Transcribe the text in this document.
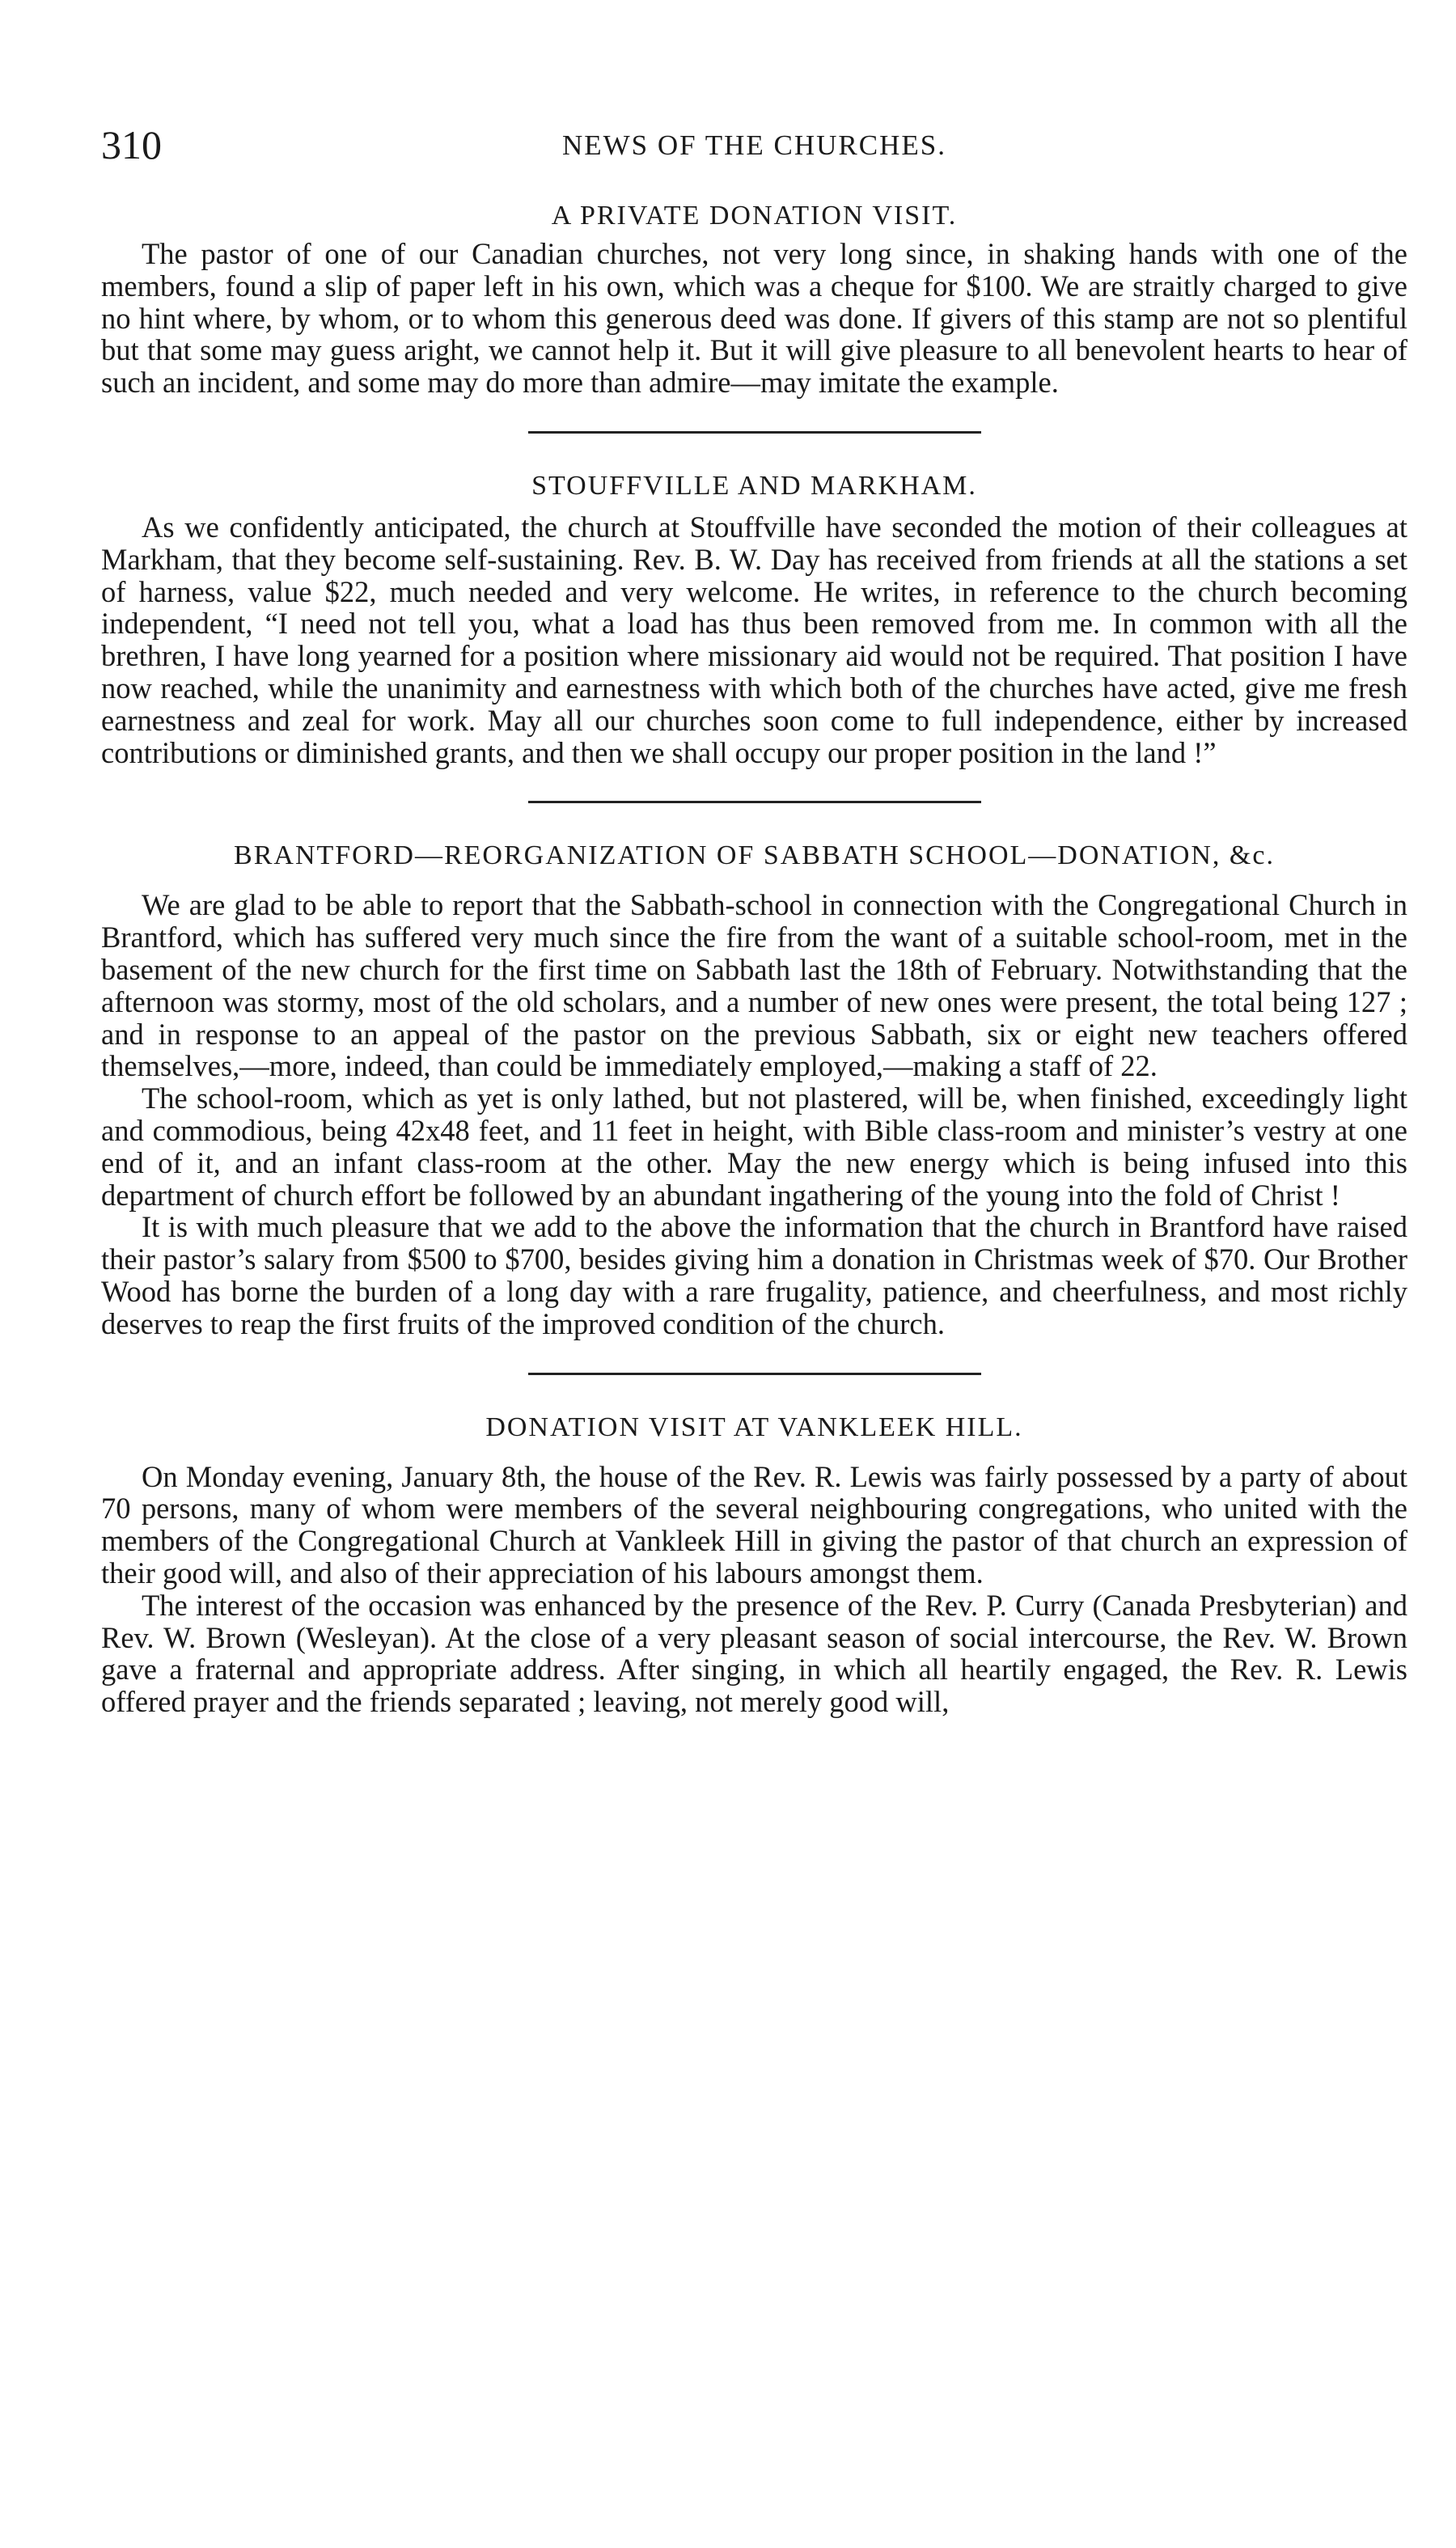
310	NEWS OF THE CHURCHES.
A PRIVATE DONATION VISIT.

The pastor of one of our Canadian churches, not very long since, in shaking hands with one of the members, found a slip of paper left in his own, which was a cheque for $100. We are straitly charged to give no hint where, by whom, or to whom this generous deed was done. If givers of this stamp are not so plentiful but that some may guess aright, we cannot help it. But it will give pleasure to all benevolent hearts to hear of such an incident, and some may do more than admire—may imitate the example.

STOUFFVILLE AND MARKHAM.

As we confidently anticipated, the church at Stouffville have seconded the motion of their colleagues at Markham, that they become self-sustaining. Rev. B. W. Day has received from friends at all the stations a set of harness, value $22, much needed and very welcome. He writes, in reference to the church becoming independent, “I need not tell you, what a load has thus been removed from me. In common with all the brethren, I have long yearned for a position where missionary aid would not be required. That position I have now reached, while the unanimity and earnestness with which both of the churches have acted, give me fresh earnestness and zeal for work. May all our churches soon come to full independence, either by increased contributions or diminished grants, and then we shall occupy our proper position in the land !”

BRANTFORD—REORGANIZATION OF SABBATH SCHOOL—DONATION, &c.

We are glad to be able to report that the Sabbath-school in connection with the Congregational Church in Brantford, which has suffered very much since the fire from the want of a suitable school-room, met in the basement of the new church for the first time on Sabbath last the 18th of February. Notwithstanding that the afternoon was stormy, most of the old scholars, and a number of new ones were present, the total being 127 ; and in response to an appeal of the pastor on the previous Sabbath, six or eight new teachers offered themselves,—more, indeed, than could be immediately employed,—making a staff of 22.

The school-room, which as yet is only lathed, but not plastered, will be, when finished, exceedingly light and commodious, being 42x48 feet, and 11 feet in height, with Bible class-room and minister’s vestry at one end of it, and an infant class-room at the other. May the new energy which is being infused into this department of church effort be followed by an abundant ingathering of the young into the fold of Christ !

It is with much pleasure that we add to the above the information that the church in Brantford have raised their pastor’s salary from $500 to $700, besides giving him a donation in Christmas week of $70. Our Brother Wood has borne the burden of a long day with a rare frugality, patience, and cheerfulness, and most richly deserves to reap the first fruits of the improved condition of the church.

DONATION VISIT AT VANKLEEK HILL.

On Monday evening, January 8th, the house of the Rev. R. Lewis was fairly possessed by a party of about 70 persons, many of whom were members of the several neighbouring congregations, who united with the members of the Congregational Church at Vankleek Hill in giving the pastor of that church an expression of their good will, and also of their appreciation of his labours amongst them.

The interest of the occasion was enhanced by the presence of the Rev. P. Curry (Canada Presbyterian) and Rev. W. Brown (Wesleyan). At the close of a very pleasant season of social intercourse, the Rev. W. Brown gave a fraternal and appropriate address. After singing, in which all heartily engaged, the Rev. R. Lewis offered prayer and the friends separated ; leaving, not merely good will,
